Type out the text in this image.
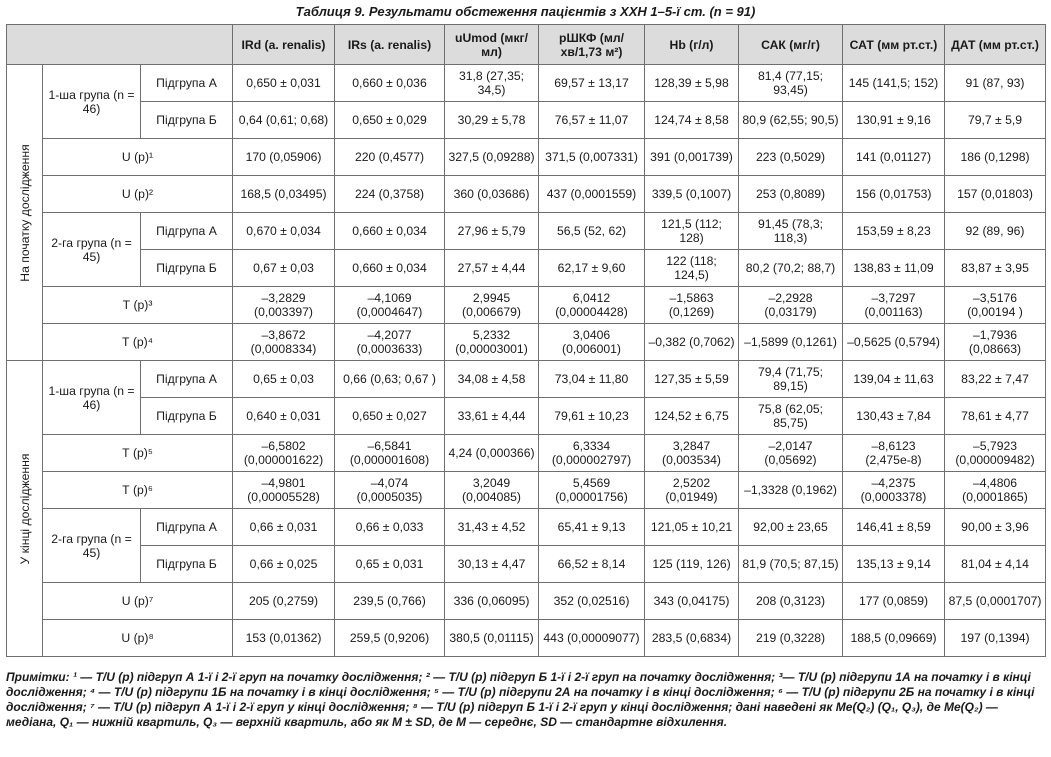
Таблиця 9. Результати обстеження пацієнтів з ХХН 1–5-ї ст. (n = 91)
			IRd (a. renalis)	IRs (a. renalis)	uUmod (мкг/мл)	рШКФ (мл/хв/1,73 м²)	Hb (г/л)	САК (мг/г)	САТ (мм рт.ст.)	ДАТ (мм рт.ст.)

На початку дослідження	1-ша група (n = 46)	Підгрупа А	0,650 ± 0,031	0,660 ± 0,036	31,8 (27,35; 34,5)	69,57 ± 13,17	128,39 ± 5,98	81,4 (77,15; 93,45)	145 (141,5; 152)	91 (87, 93)
		Підгрупа Б	0,64 (0,61; 0,68)	0,650 ± 0,029	30,29 ± 5,78	76,57 ± 11,07	124,74 ± 8,58	80,9 (62,55; 90,5)	130,91 ± 9,16	79,7 ± 5,9
	U (р)¹		170 (0,05906)	220 (0,4577)	327,5 (0,09288)	371,5 (0,007331)	391 (0,001739)	223 (0,5029)	141 (0,01127)	186 (0,1298)
	U (р)²		168,5 (0,03495)	224 (0,3758)	360 (0,03686)	437 (0,0001559)	339,5 (0,1007)	253 (0,8089)	156 (0,01753)	157 (0,01803)
	2-га група (n = 45)	Підгрупа А	0,670 ± 0,034	0,660 ± 0,034	27,96 ± 5,79	56,5 (52, 62)	121,5 (112; 128)	91,45 (78,3; 118,3)	153,59 ± 8,23	92 (89, 96)
		Підгрупа Б	0,67 ± 0,03	0,660 ± 0,034	27,57 ± 4,44	62,17 ± 9,60	122 (118; 124,5)	80,2 (70,2; 88,7)	138,83 ± 11,09	83,87 ± 3,95
	Т (р)³		–3,2829 (0,003397)	–4,1069 (0,0004647)	2,9945 (0,006679)	6,0412 (0,00004428)	–1,5863 (0,1269)	–2,2928 (0,03179)	–3,7297 (0,001163)	–3,5176 (0,00194 )
	Т (р)⁴		–3,8672 (0,0008334)	–4,2077 (0,0003633)	5,2332 (0,00003001)	3,0406 (0,006001)	–0,382 (0,7062)	–1,5899 (0,1261)	–0,5625 (0,5794)	–1,7936 (0,08663)

У кінці дослідження	1-ша група (n = 46)	Підгрупа А	0,65 ± 0,03	0,66 (0,63; 0,67 )	34,08 ± 4,58	73,04 ± 11,80	127,35 ± 5,59	79,4 (71,75; 89,15)	139,04 ± 11,63	83,22 ± 7,47
		Підгрупа Б	0,640 ± 0,031	0,650 ± 0,027	33,61 ± 4,44	79,61 ± 10,23	124,52 ± 6,75	75,8 (62,05; 85,75)	130,43 ± 7,84	78,61 ± 4,77
	Т (р)⁵		–6,5802 (0,000001622)	–6,5841 (0,000001608)	4,24 (0,000366)	6,3334 (0,000002797)	3,2847 (0,003534)	–2,0147 (0,05692)	–8,6123 (2,475е-8)	–5,7923 (0,000009482)
	Т (р)⁶		–4,9801 (0,00005528)	–4,074 (0,0005035)	3,2049 (0,004085)	5,4569 (0,00001756)	2,5202 (0,01949)	–1,3328 (0,1962)	–4,2375 (0,0003378)	–4,4806 (0,0001865)
	2-га група (n = 45)	Підгрупа А	0,66 ± 0,031	0,66 ± 0,033	31,43 ± 4,52	65,41 ± 9,13	121,05 ± 10,21	92,00 ± 23,65	146,41 ± 8,59	90,00 ± 3,96
		Підгрупа Б	0,66 ± 0,025	0,65 ± 0,031	30,13 ± 4,47	66,52 ± 8,14	125 (119, 126)	81,9 (70,5; 87,15)	135,13 ± 9,14	81,04 ± 4,14
	U (р)⁷		205 (0,2759)	239,5 (0,766)	336 (0,06095)	352 (0,02516)	343 (0,04175)	208 (0,3123)	177 (0,0859)	87,5 (0,0001707)
	U (р)⁸		153 (0,01362)	259,5 (0,9206)	380,5 (0,01115)	443 (0,00009077)	283,5 (0,6834)	219 (0,3228)	188,5 (0,09669)	197 (0,1394)
Примітки: ¹ — T/U (р) підгруп А 1-ї і 2-ї груп на початку дослідження; ² — T/U (р) підгруп Б 1-ї і 2-ї груп на початку дослідження; ³— T/U (р) підгрупи 1А на початку і в кінці дослідження; ⁴ — T/U (р) підгрупи 1Б на початку і в кінці дослідження; ⁵ — T/U (р) підгрупи 2А на початку і в кінці дослідження; ⁶ — T/U (р) підгрупи 2Б на початку і в кінці дослідження; ⁷ — T/U (р) підгруп А 1-ї і 2-ї груп у кінці дослідження; ⁸ — T/U (р) підгруп Б 1-ї і 2-ї груп у кінці дослідження; дані наведені як Me(Q₂) (Q₁, Q₃), де Me(Q₂) — медіана, Q₁ — нижній квартиль, Q₃ — верхній квартиль, або як М ± SD, де М — середнє, SD — стандартне відхилення.
